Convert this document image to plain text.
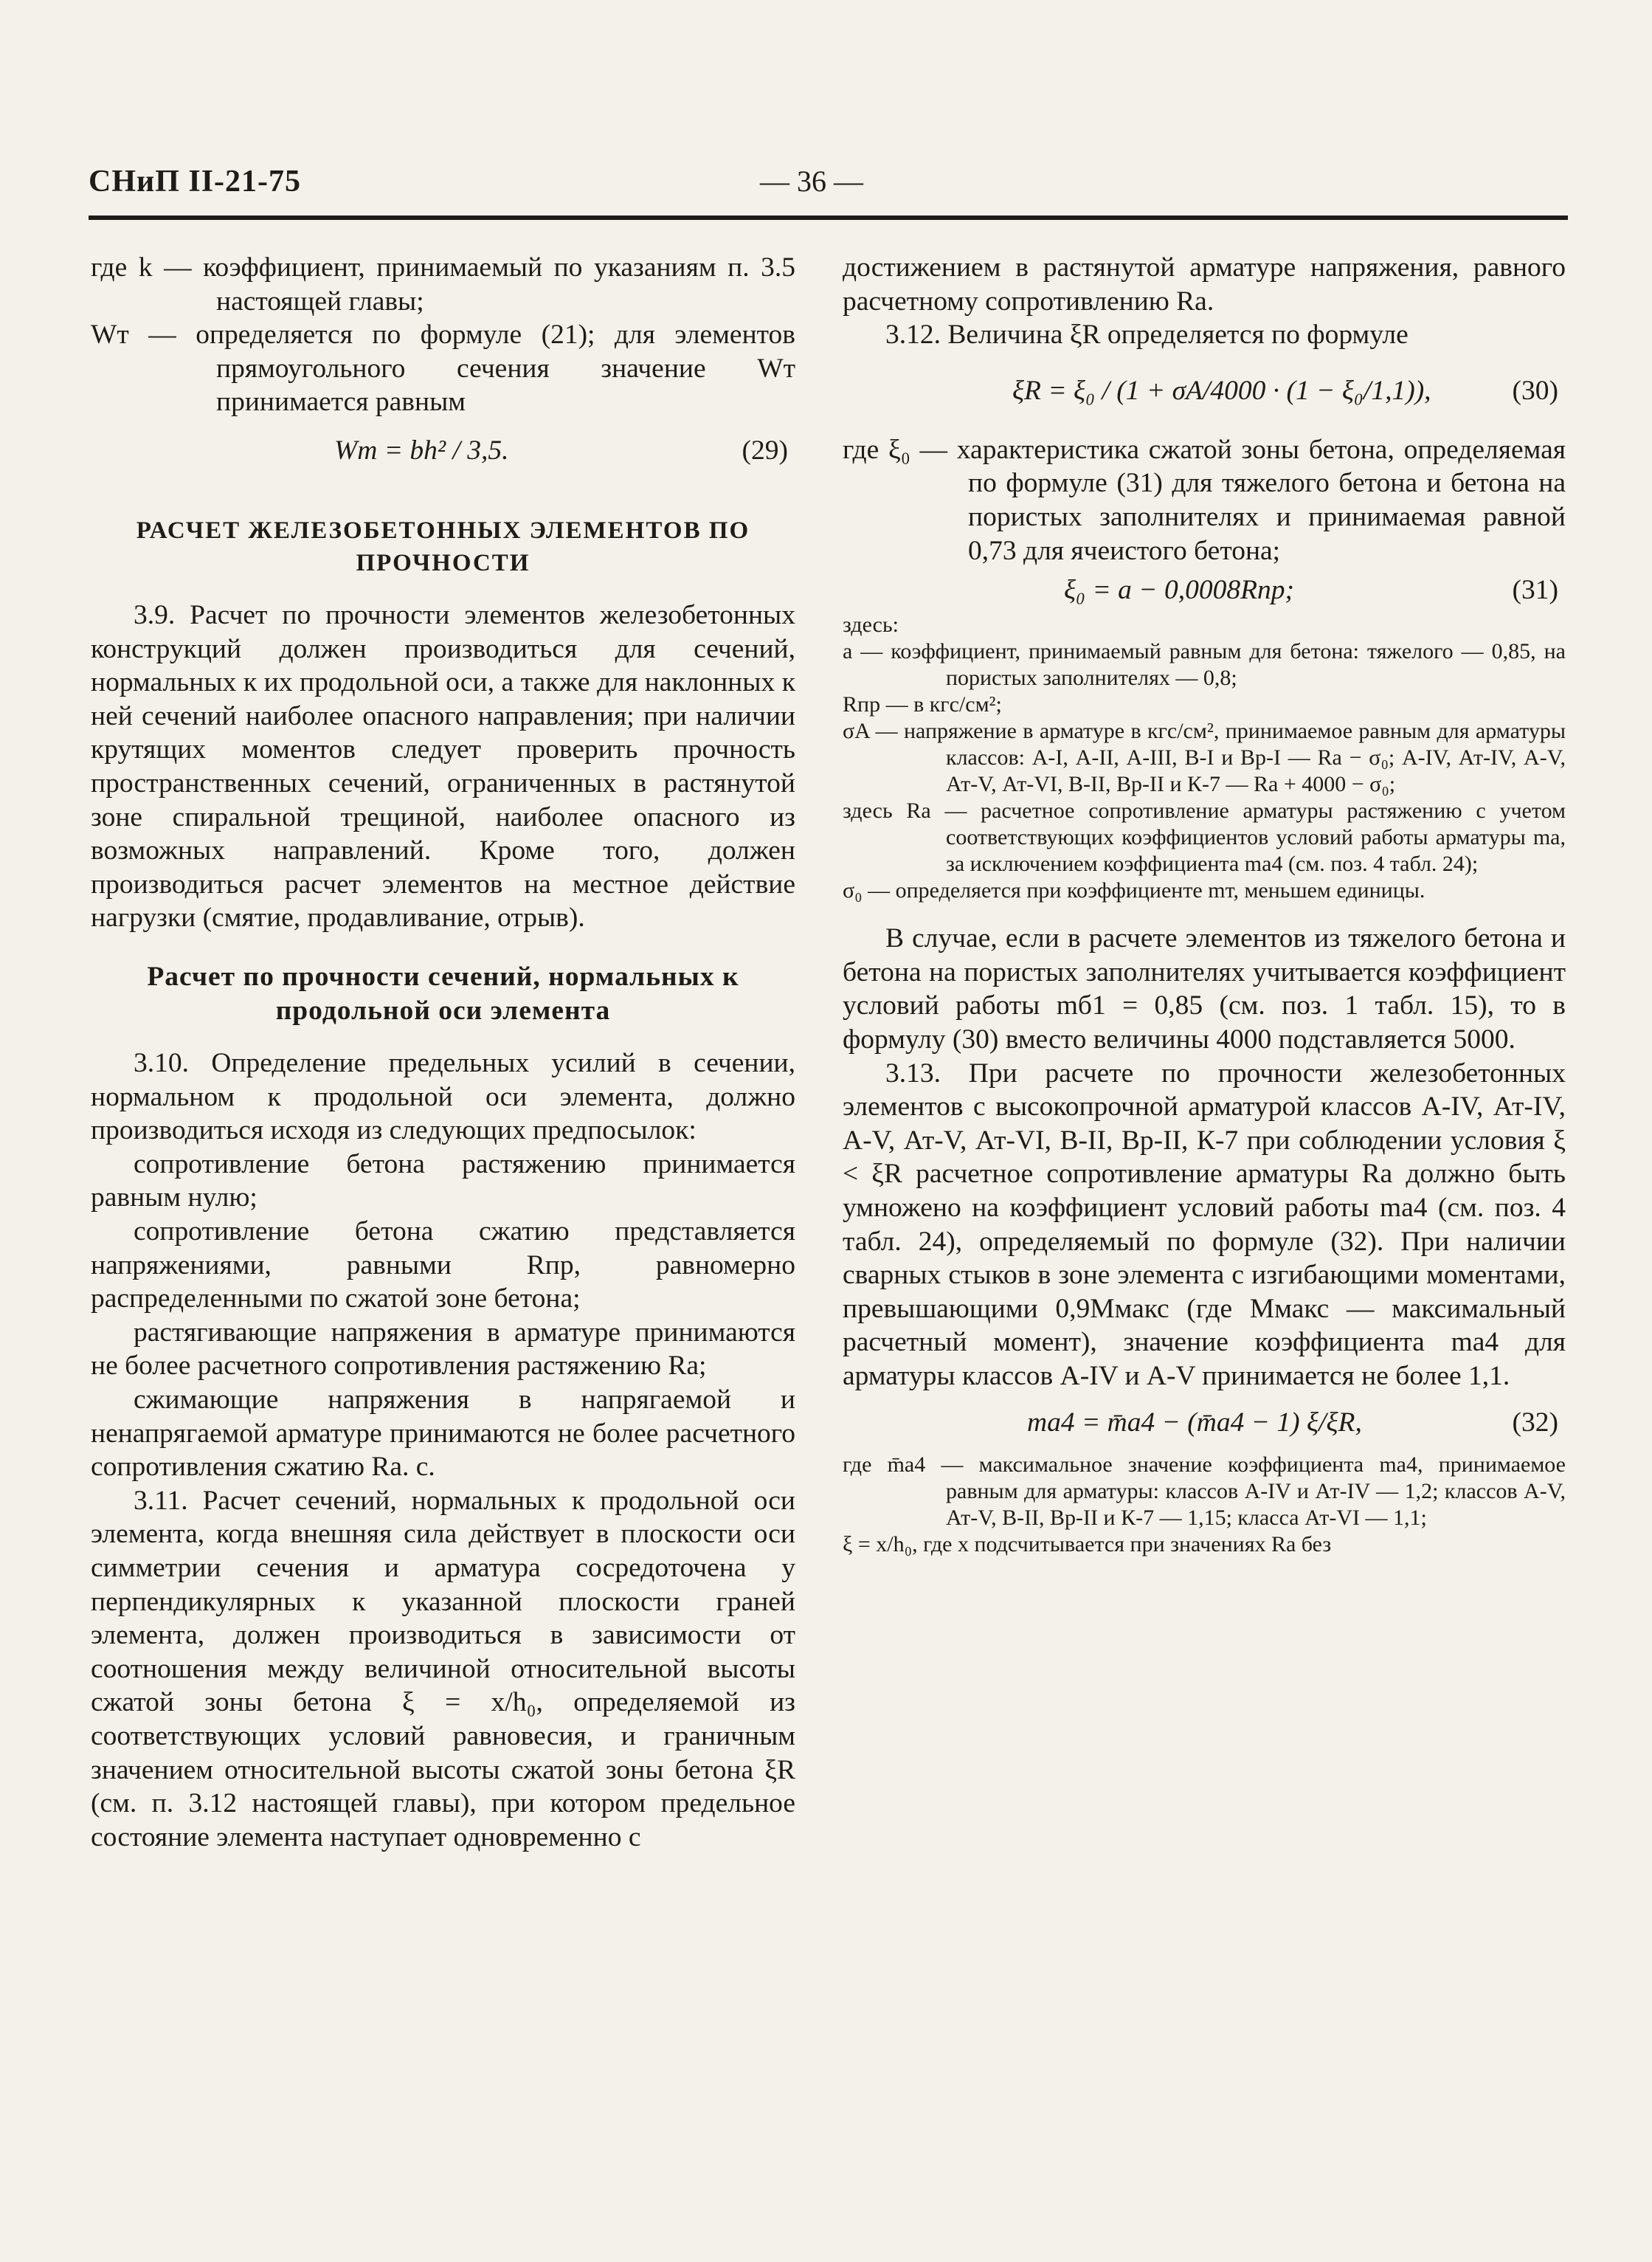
СНиП II-21-75	— 36 —
где k — коэффициент, принимаемый по указаниям п. 3.5 настоящей главы;
Wт — определяется по формуле (21); для элементов прямоугольного сечения значение Wт принимается равным
Wт = bh² / 3,5.	(29)
РАСЧЕТ ЖЕЛЕЗОБЕТОННЫХ ЭЛЕМЕНТОВ ПО ПРОЧНОСТИ

3.9. Расчет по прочности элементов железобетонных конструкций должен производиться для сечений, нормальных к их продольной оси, а также для наклонных к ней сечений наиболее опасного направления; при наличии крутящих моментов следует проверить прочность пространственных сечений, ограниченных в растянутой зоне спиральной трещиной, наиболее опасного из возможных направлений. Кроме того, должен производиться расчет элементов на местное действие нагрузки (смятие, продавливание, отрыв).

Расчет по прочности сечений, нормальных к продольной оси элемента

3.10. Определение предельных усилий в сечении, нормальном к продольной оси элемента, должно производиться исходя из следующих предпосылок:

сопротивление бетона растяжению принимается равным нулю;

сопротивление бетона сжатию представляется напряжениями, равными Rпр, равномерно распределенными по сжатой зоне бетона;

растягивающие напряжения в арматуре принимаются не более расчетного сопротивления растяжению Rа;

сжимающие напряжения в напрягаемой и ненапрягаемой арматуре принимаются не более расчетного сопротивления сжатию Rа. с.

3.11. Расчет сечений, нормальных к продольной оси элемента, когда внешняя сила действует в плоскости оси симметрии сечения и арматура сосредоточена у перпендикулярных к указанной плоскости граней элемента, должен производиться в зависимости от соотношения между величиной относительной высоты сжатой зоны бетона ξ = x/h₀, определяемой из соответствующих условий равновесия, и граничным значением относительной высоты сжатой зоны бетона ξR (см. п. 3.12 настоящей главы), при котором предельное состояние элемента наступает одновременно с

достижением в растянутой арматуре напряжения, равного расчетному сопротивлению Rа.

3.12. Величина ξR определяется по формуле

ξR = ξ₀ / (1 + σA/4000 · (1 − ξ₀/1,1)),	(30)
где ξ₀ — характеристика сжатой зоны бетона, определяемая по формуле (31) для тяжелого бетона и бетона на пористых заполнителях и принимаемая равной 0,73 для ячеистого бетона;
ξ₀ = a − 0,0008Rпр;	(31)

здесь:

a — коэффициент, принимаемый равным для бетона: тяжелого — 0,85, на пористых заполнителях — 0,8;
Rпр — в кгс/см²;
σA — напряжение в арматуре в кгс/см², принимаемое равным для арматуры классов: А-I, А-II, А-III, В-I и Вр-I — Rа − σ₀; А-IV, Ат-IV, А-V, Ат-V, Ат-VI, В-II, Вр-II и К-7 — Rа + 4000 − σ₀;
здесь Rа — расчетное сопротивление арматуры растяжению с учетом соответствующих коэффициентов условий работы арматуры mа, за исключением коэффициента mа4 (см. поз. 4 табл. 24);
σ₀ — определяется при коэффициенте mт, меньшем единицы.

В случае, если в расчете элементов из тяжелого бетона и бетона на пористых заполнителях учитывается коэффициент условий работы mб1 = 0,85 (см. поз. 1 табл. 15), то в формулу (30) вместо величины 4000 подставляется 5000.

3.13. При расчете по прочности железобетонных элементов с высокопрочной арматурой классов А-IV, Ат-IV, А-V, Ат-V, Ат-VI, В-II, Вр-II, К-7 при соблюдении условия ξ < ξR расчетное сопротивление арматуры Rа должно быть умножено на коэффициент условий работы mа4 (см. поз. 4 табл. 24), определяемый по формуле (32). При наличии сварных стыков в зоне элемента с изгибающими моментами, превышающими 0,9Mмакс (где Mмакс — максимальный расчетный момент), значение коэффициента mа4 для арматуры классов А-IV и А-V принимается не более 1,1.

mа4 = m̄а4 − (m̄а4 − 1) ξ/ξR,	(32)
где m̄а4 — максимальное значение коэффициента mа4, принимаемое равным для арматуры: классов А-IV и Ат-IV — 1,2; классов А-V, Ат-V, В-II, Вр-II и К-7 — 1,15; класса Ат-VI — 1,1;
ξ = x/h₀, где x подсчитывается при значениях Rа без
